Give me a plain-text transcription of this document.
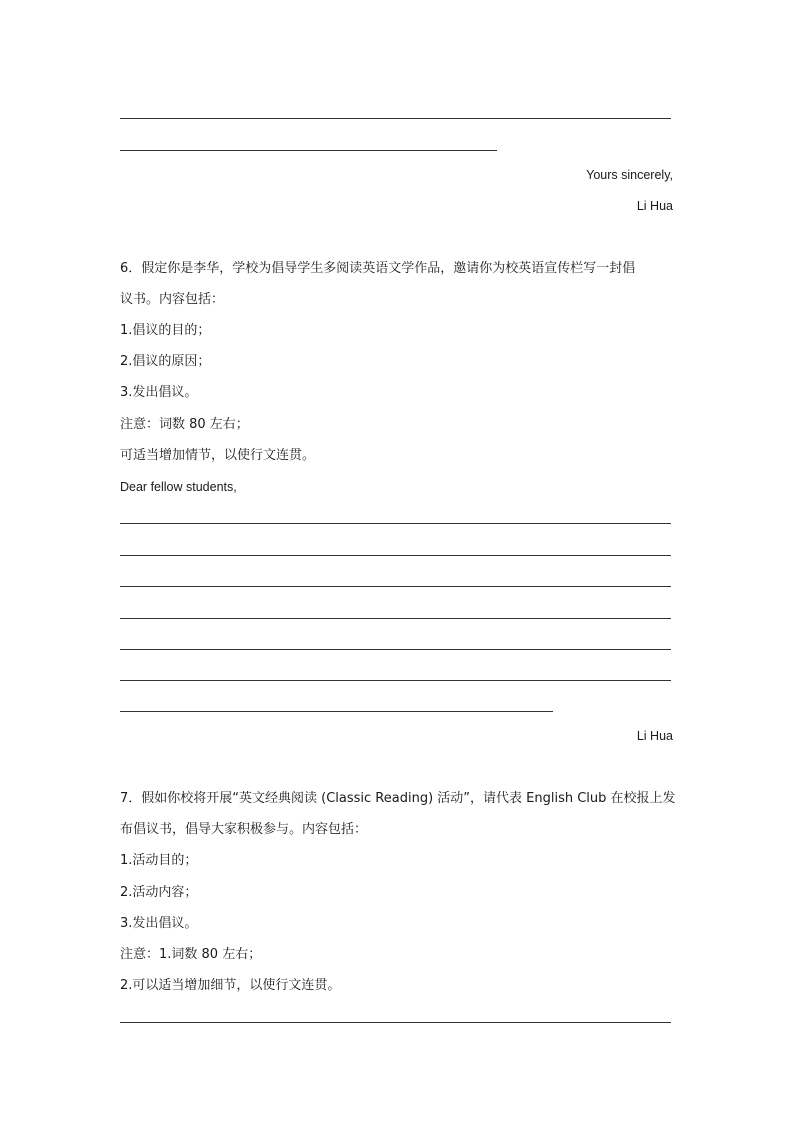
Yours sincerely,
Li Hua
6．假定你是李华，学校为倡导学生多阅读英语文学作品，邀请你为校英语宣传栏写一封倡
议书。内容包括：
1.倡议的目的；
2.倡议的原因；
3.发出倡议。
注意：词数 80 左右；
可适当增加情节，以使行文连贯。
Dear fellow students,
Li Hua
7．假如你校将开展“英文经典阅读 (Classic Reading) 活动”，请代表 English Club 在校报上发
布倡议书，倡导大家积极参与。内容包括：
1.活动目的；
2.活动内容；
3.发出倡议。
注意：1.词数 80 左右；
2.可以适当增加细节，以使行文连贯。
